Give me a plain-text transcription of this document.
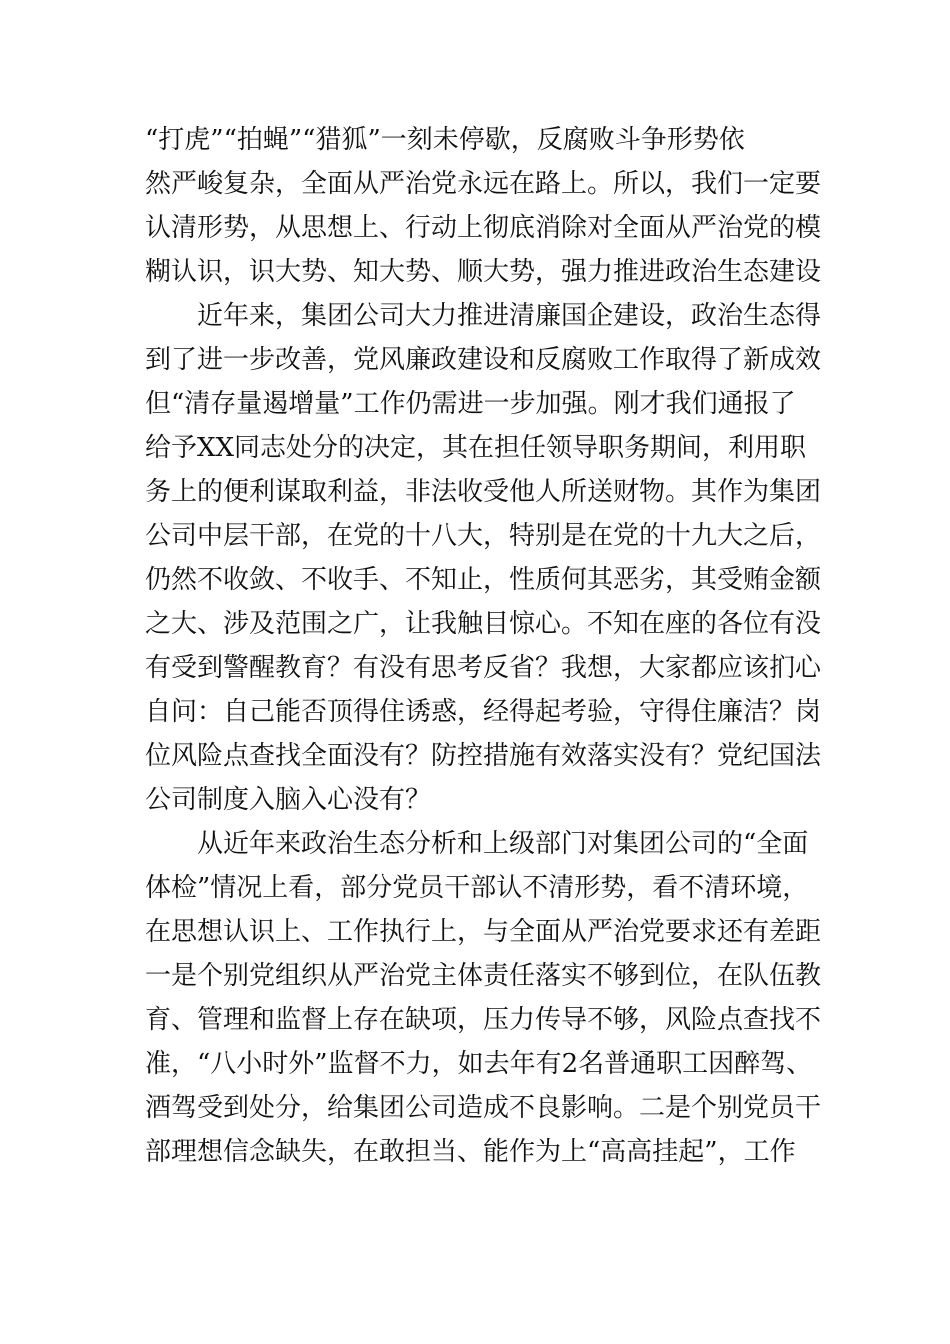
“打虎”“拍蝇”“猎狐”一刻未停歇，反腐败斗争形势依
然严峻复杂，全面从严治党永远在路上。所以，我们一定要
认清形势，从思想上、行动上彻底消除对全面从严治党的模
糊认识，识大势、知大势、顺大势，强力推进政治生态建设
近年来，集团公司大力推进清廉国企建设，政治生态得
到了进一步改善，党风廉政建设和反腐败工作取得了新成效
但“清存量遏增量”工作仍需进一步加强。刚才我们通报了
给予XX同志处分的决定，其在担任领导职务期间，利用职
务上的便利谋取利益，非法收受他人所送财物。其作为集团
公司中层干部，在党的十八大，特别是在党的十九大之后，
仍然不收敛、不收手、不知止，性质何其恶劣，其受贿金额
之大、涉及范围之广，让我触目惊心。不知在座的各位有没
有受到警醒教育？有没有思考反省？我想，大家都应该扪心
自问：自己能否顶得住诱惑，经得起考验，守得住廉洁？岗
位风险点查找全面没有？防控措施有效落实没有？党纪国法
公司制度入脑入心没有？
从近年来政治生态分析和上级部门对集团公司的“全面
体检”情况上看，部分党员干部认不清形势，看不清环境，
在思想认识上、工作执行上，与全面从严治党要求还有差距
一是个别党组织从严治党主体责任落实不够到位，在队伍教
育、管理和监督上存在缺项，压力传导不够，风险点查找不
准，“八小时外”监督不力，如去年有2名普通职工因醉驾、
酒驾受到处分，给集团公司造成不良影响。二是个别党员干
部理想信念缺失，在敢担当、能作为上“高高挂起”，工作
